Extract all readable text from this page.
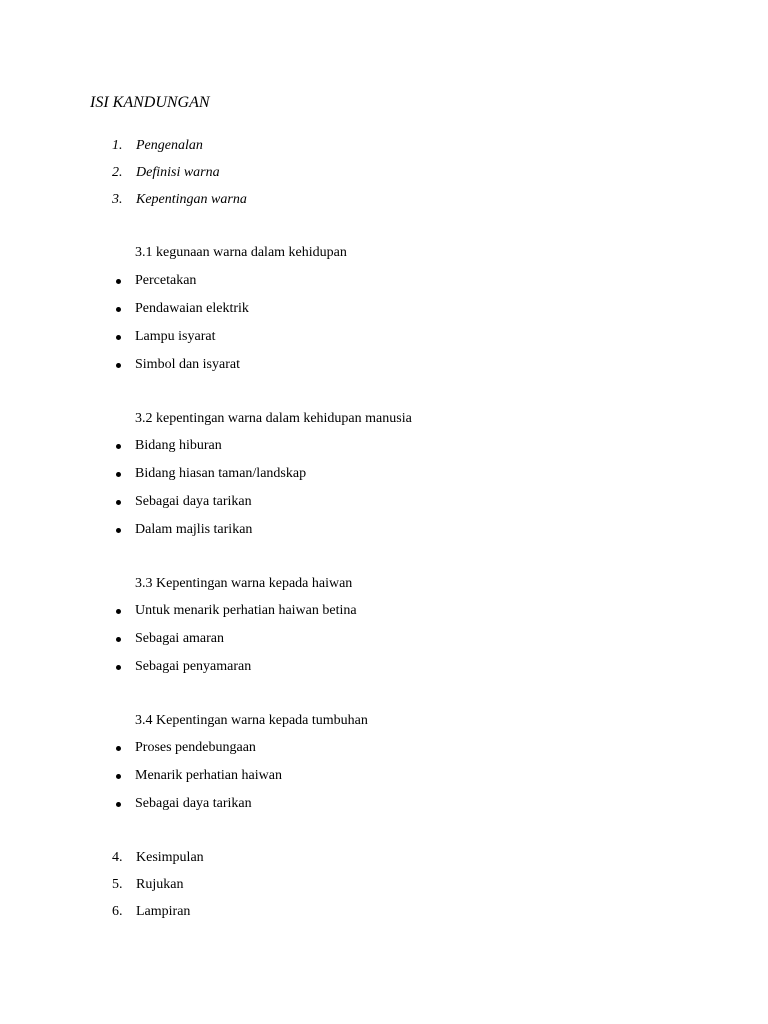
ISI KANDUNGAN
1. Pengenalan
2. Definisi warna
3. Kepentingan warna
3.1 kegunaan warna dalam kehidupan
Percetakan
Pendawaian elektrik
Lampu isyarat
Simbol dan isyarat
3.2 kepentingan warna dalam kehidupan manusia
Bidang hiburan
Bidang hiasan taman/landskap
Sebagai daya tarikan
Dalam majlis tarikan
3.3 Kepentingan warna kepada haiwan
Untuk menarik perhatian haiwan betina
Sebagai amaran
Sebagai penyamaran
3.4 Kepentingan warna kepada tumbuhan
Proses pendebungaan
Menarik perhatian haiwan
Sebagai daya tarikan
4. Kesimpulan
5. Rujukan
6. Lampiran
